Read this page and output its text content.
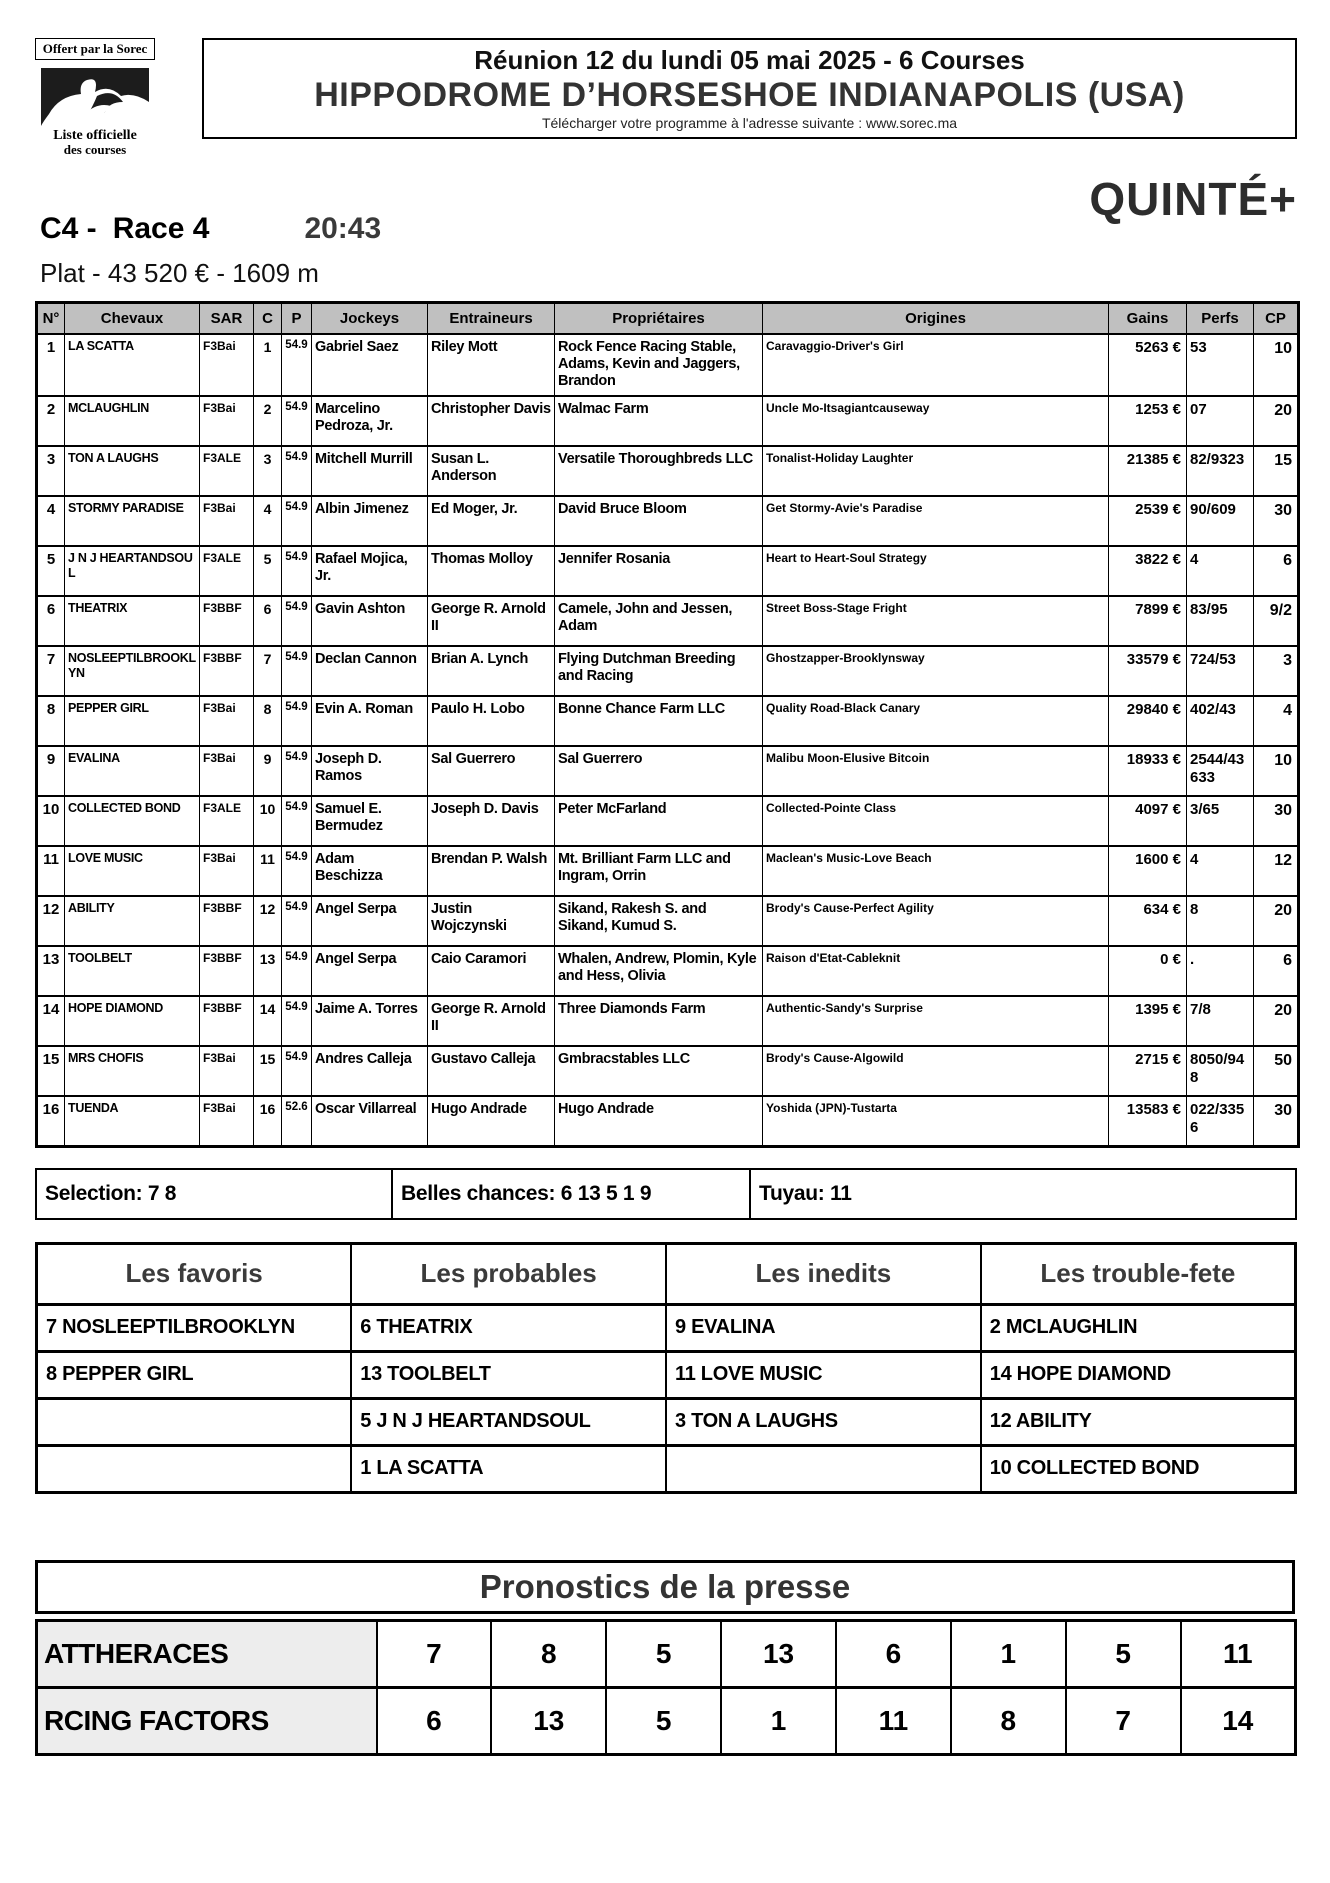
Offert par la Sorec
Liste officielle
des courses
Réunion 12 du lundi 05 mai 2025 - 6 Courses
HIPPODROME D’HORSESHOE INDIANAPOLIS (USA)
Télécharger votre programme à l'adresse suivante : www.sorec.ma
QUINTÉ+
C4 - Race 4	20:43
Plat - 43 520 € - 1609 m
N°	Chevaux	SAR	C	P	Jockeys	Entraineurs	Propriétaires	Origines	Gains	Perfs	CP
1	LA SCATTA	F3Bai	1	54.9	Gabriel Saez	Riley Mott	Rock Fence Racing Stable, Adams, Kevin and Jaggers, Brandon	Caravaggio-Driver's Girl	5263 €	53	10
2	MCLAUGHLIN	F3Bai	2	54.9	Marcelino Pedroza, Jr.	Christopher Davis	Walmac Farm	Uncle Mo-Itsagiantcauseway	1253 €	07	20
3	TON A LAUGHS	F3ALE	3	54.9	Mitchell Murrill	Susan L. Anderson	Versatile Thoroughbreds LLC	Tonalist-Holiday Laughter	21385 €	82/9323	15
4	STORMY PARADISE	F3Bai	4	54.9	Albin Jimenez	Ed Moger, Jr.	David Bruce Bloom	Get Stormy-Avie's Paradise	2539 €	90/609	30
5	J N J HEARTANDSOUL	F3ALE	5	54.9	Rafael Mojica, Jr.	Thomas Molloy	Jennifer Rosania	Heart to Heart-Soul Strategy	3822 €	4	6
6	THEATRIX	F3BBF	6	54.9	Gavin Ashton	George R. Arnold II	Camele, John and Jessen, Adam	Street Boss-Stage Fright	7899 €	83/95	9/2
7	NOSLEEPTILBROOKLYN	F3BBF	7	54.9	Declan Cannon	Brian A. Lynch	Flying Dutchman Breeding and Racing	Ghostzapper-Brooklynsway	33579 €	724/53	3
8	PEPPER GIRL	F3Bai	8	54.9	Evin A. Roman	Paulo H. Lobo	Bonne Chance Farm LLC	Quality Road-Black Canary	29840 €	402/43	4
9	EVALINA	F3Bai	9	54.9	Joseph D. Ramos	Sal Guerrero	Sal Guerrero	Malibu Moon-Elusive Bitcoin	18933 €	2544/43633	10
10	COLLECTED BOND	F3ALE	10	54.9	Samuel E. Bermudez	Joseph D. Davis	Peter McFarland	Collected-Pointe Class	4097 €	3/65	30
11	LOVE MUSIC	F3Bai	11	54.9	Adam Beschizza	Brendan P. Walsh	Mt. Brilliant Farm LLC and Ingram, Orrin	Maclean's Music-Love Beach	1600 €	4	12
12	ABILITY	F3BBF	12	54.9	Angel Serpa	Justin Wojczynski	Sikand, Rakesh S. and Sikand, Kumud S.	Brody's Cause-Perfect Agility	634 €	8	20
13	TOOLBELT	F3BBF	13	54.9	Angel Serpa	Caio Caramori	Whalen, Andrew, Plomin, Kyle and Hess, Olivia	Raison d'Etat-Cableknit	0 €	.	6
14	HOPE DIAMOND	F3BBF	14	54.9	Jaime A. Torres	George R. Arnold II	Three Diamonds Farm	Authentic-Sandy's Surprise	1395 €	7/8	20
15	MRS CHOFIS	F3Bai	15	54.9	Andres Calleja	Gustavo Calleja	Gmbracstables LLC	Brody's Cause-Algowild	2715 €	8050/948	50
16	TUENDA	F3Bai	16	52.6	Oscar Villarreal	Hugo Andrade	Hugo Andrade	Yoshida (JPN)-Tustarta	13583 €	022/3356	30
Selection: 7 8	Belles chances: 6 13 5 1 9	Tuyau: 11
Les favoris	Les probables	Les inedits	Les trouble-fete
7 NOSLEEPTILBROOKLYN	6 THEATRIX	9 EVALINA	2 MCLAUGHLIN
8 PEPPER GIRL	13 TOOLBELT	11 LOVE MUSIC	14 HOPE DIAMOND
	5 J N J HEARTANDSOUL	3 TON A LAUGHS	12 ABILITY
	1 LA SCATTA		10 COLLECTED BOND
Pronostics de la presse
ATTHERACES	7	8	5	13	6	1	5	11
RCING FACTORS	6	13	5	1	11	8	7	14
